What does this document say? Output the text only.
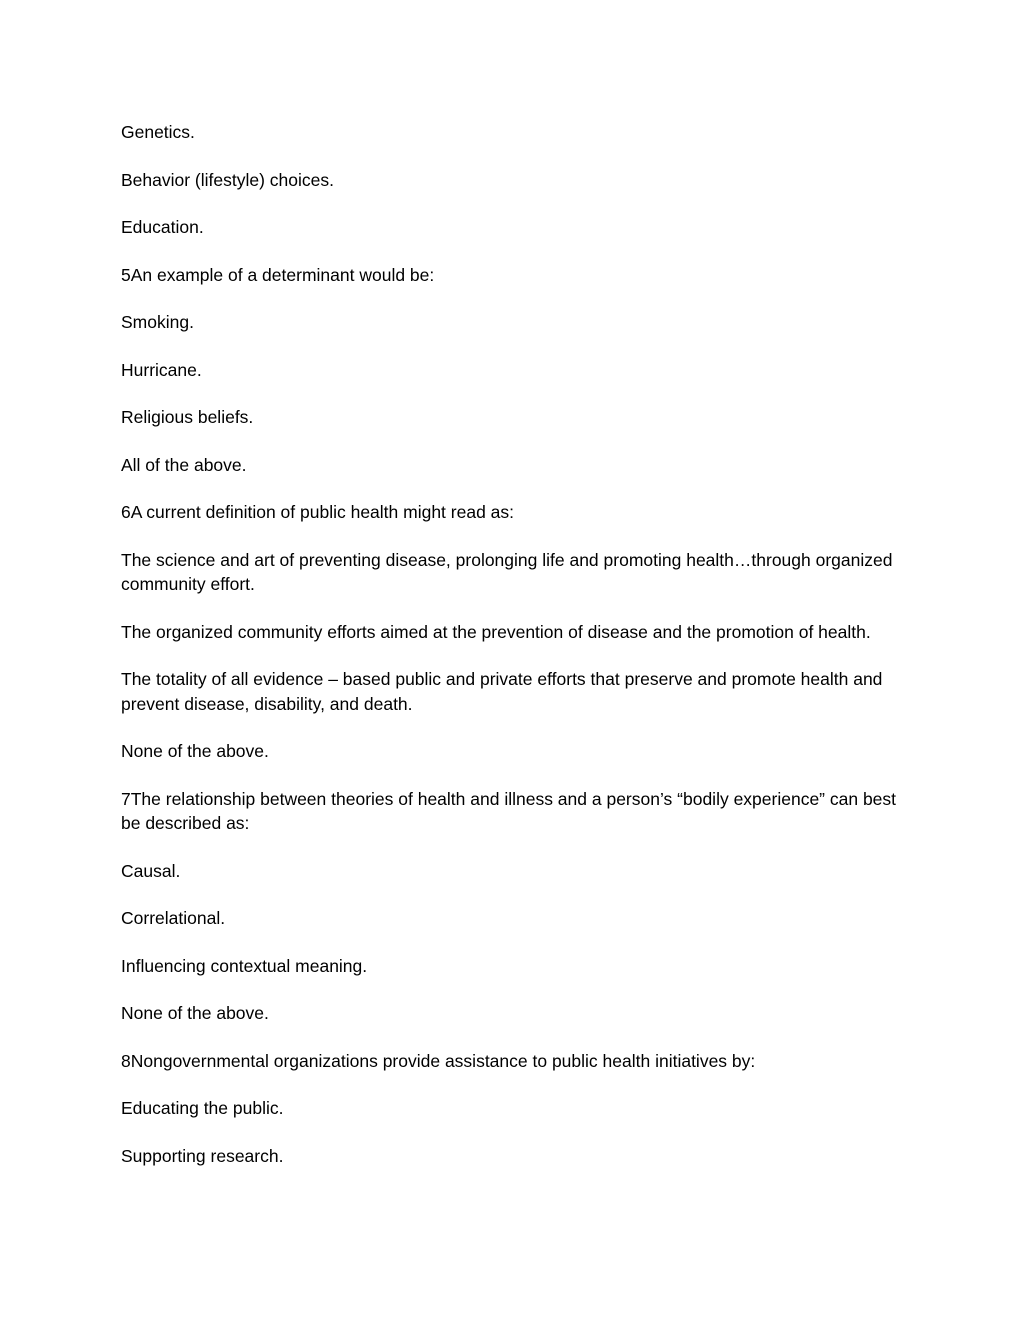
Genetics.

Behavior (lifestyle) choices.

Education.

5An example of a determinant would be:

Smoking.

Hurricane.

Religious beliefs.

All of the above.

6A current definition of public health might read as:

The science and art of preventing disease, prolonging life and promoting health…through organized community effort.

The organized community efforts aimed at the prevention of disease and the promotion of health.

The totality of all evidence – based public and private efforts that preserve and promote health and prevent disease, disability, and death.

None of the above.

7The relationship between theories of health and illness and a person’s “bodily experience” can best be described as:

Causal.

Correlational.

Influencing contextual meaning.

None of the above.

8Nongovernmental organizations provide assistance to public health initiatives by:

Educating the public.

Supporting research.
